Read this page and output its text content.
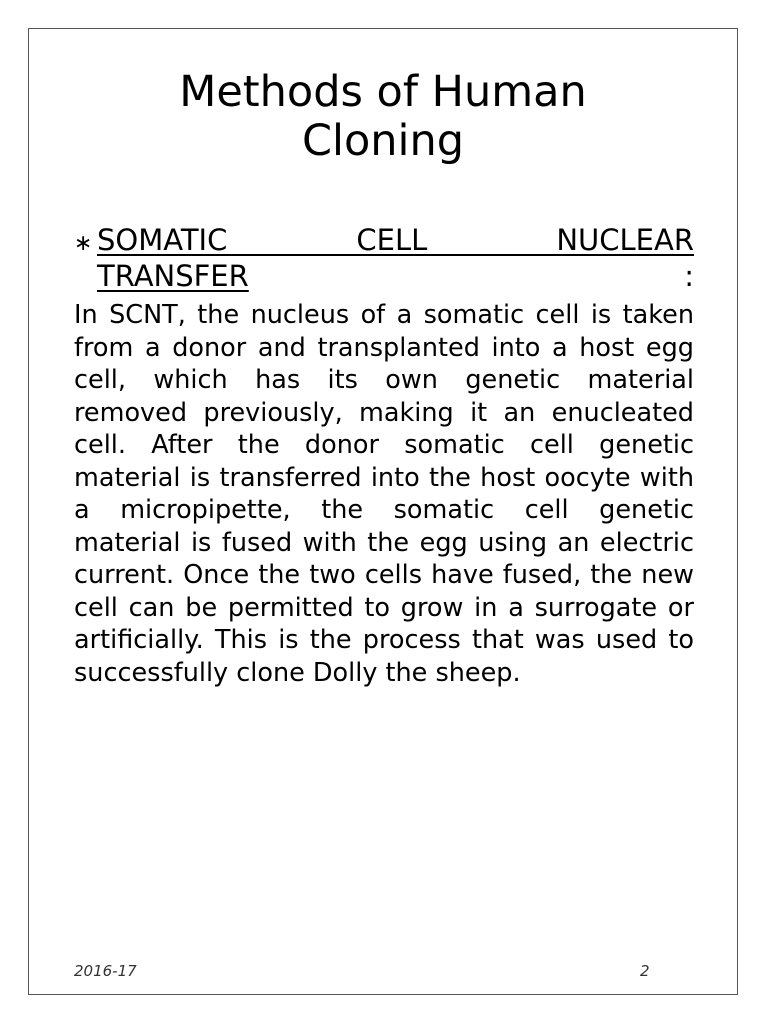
Methods of Human
Cloning
∗ SOMATIC CELL NUCLEAR
TRANSFER :

In SCNT, the nucleus of a somatic cell is taken from a donor and transplanted into a host egg cell, which has its own genetic material removed previously, making it an enucleated cell. After the donor somatic cell genetic material is transferred into the host oocyte with a micropipette, the somatic cell genetic material is fused with the egg using an electric current. Once the two cells have fused, the new cell can be permitted to grow in a surrogate or artificially. This is the process that was used to successfully clone Dolly the sheep.

2016-17	2
